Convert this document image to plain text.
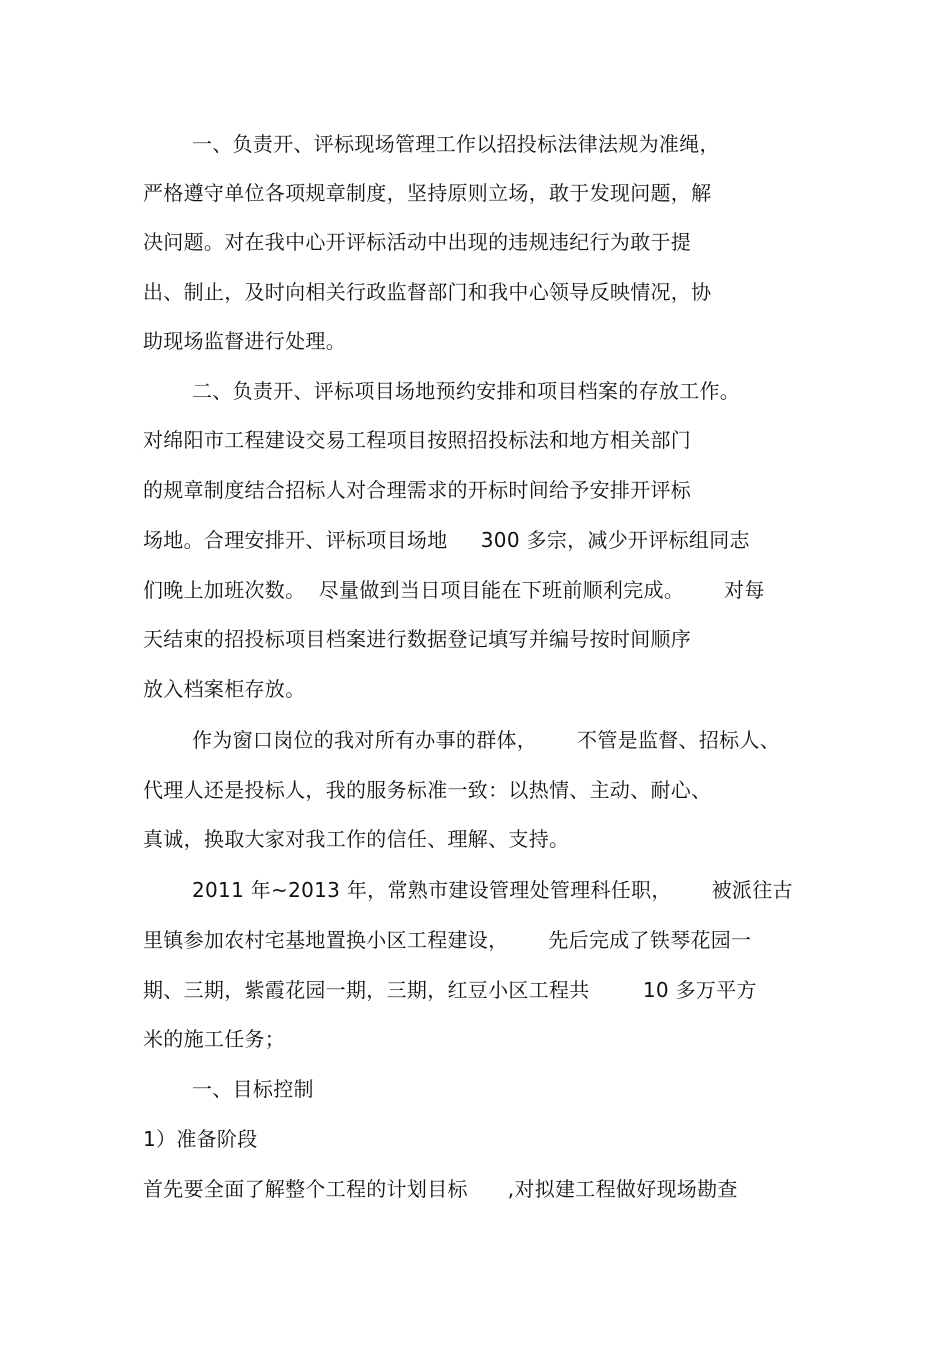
一、负责开、评标现场管理工作以招投标法律法规为准绳，
严格遵守单位各项规章制度，坚持原则立场，敢于发现问题，解
决问题。对在我中心开评标活动中出现的违规违纪行为敢于提
出、制止，及时向相关行政监督部门和我中心领导反映情况，协
助现场监督进行处理。
二、负责开、评标项目场地预约安排和项目档案的存放工作。
对绵阳市工程建设交易工程项目按照招投标法和地方相关部门
的规章制度结合招标人对合理需求的开标时间给予安排开评标
场地。合理安排开、评标项目场地     300 多宗，减少开评标组同志
们晚上加班次数。  尽量做到当日项目能在下班前顺利完成。      对每
天结束的招投标项目档案进行数据登记填写并编号按时间顺序
放入档案柜存放。
作为窗口岗位的我对所有办事的群体，      不管是监督、招标人、
代理人还是投标人，我的服务标准一致：以热情、主动、耐心、
真诚，换取大家对我工作的信任、理解、支持。
2011 年~2013 年，常熟市建设管理处管理科任职，      被派往古
里镇参加农村宅基地置换小区工程建设，      先后完成了铁琴花园一
期、三期，紫霞花园一期，三期，红豆小区工程共        10 多万平方
米的施工任务；
一、目标控制
1）准备阶段
首先要全面了解整个工程的计划目标      ,对拟建工程做好现场勘查
